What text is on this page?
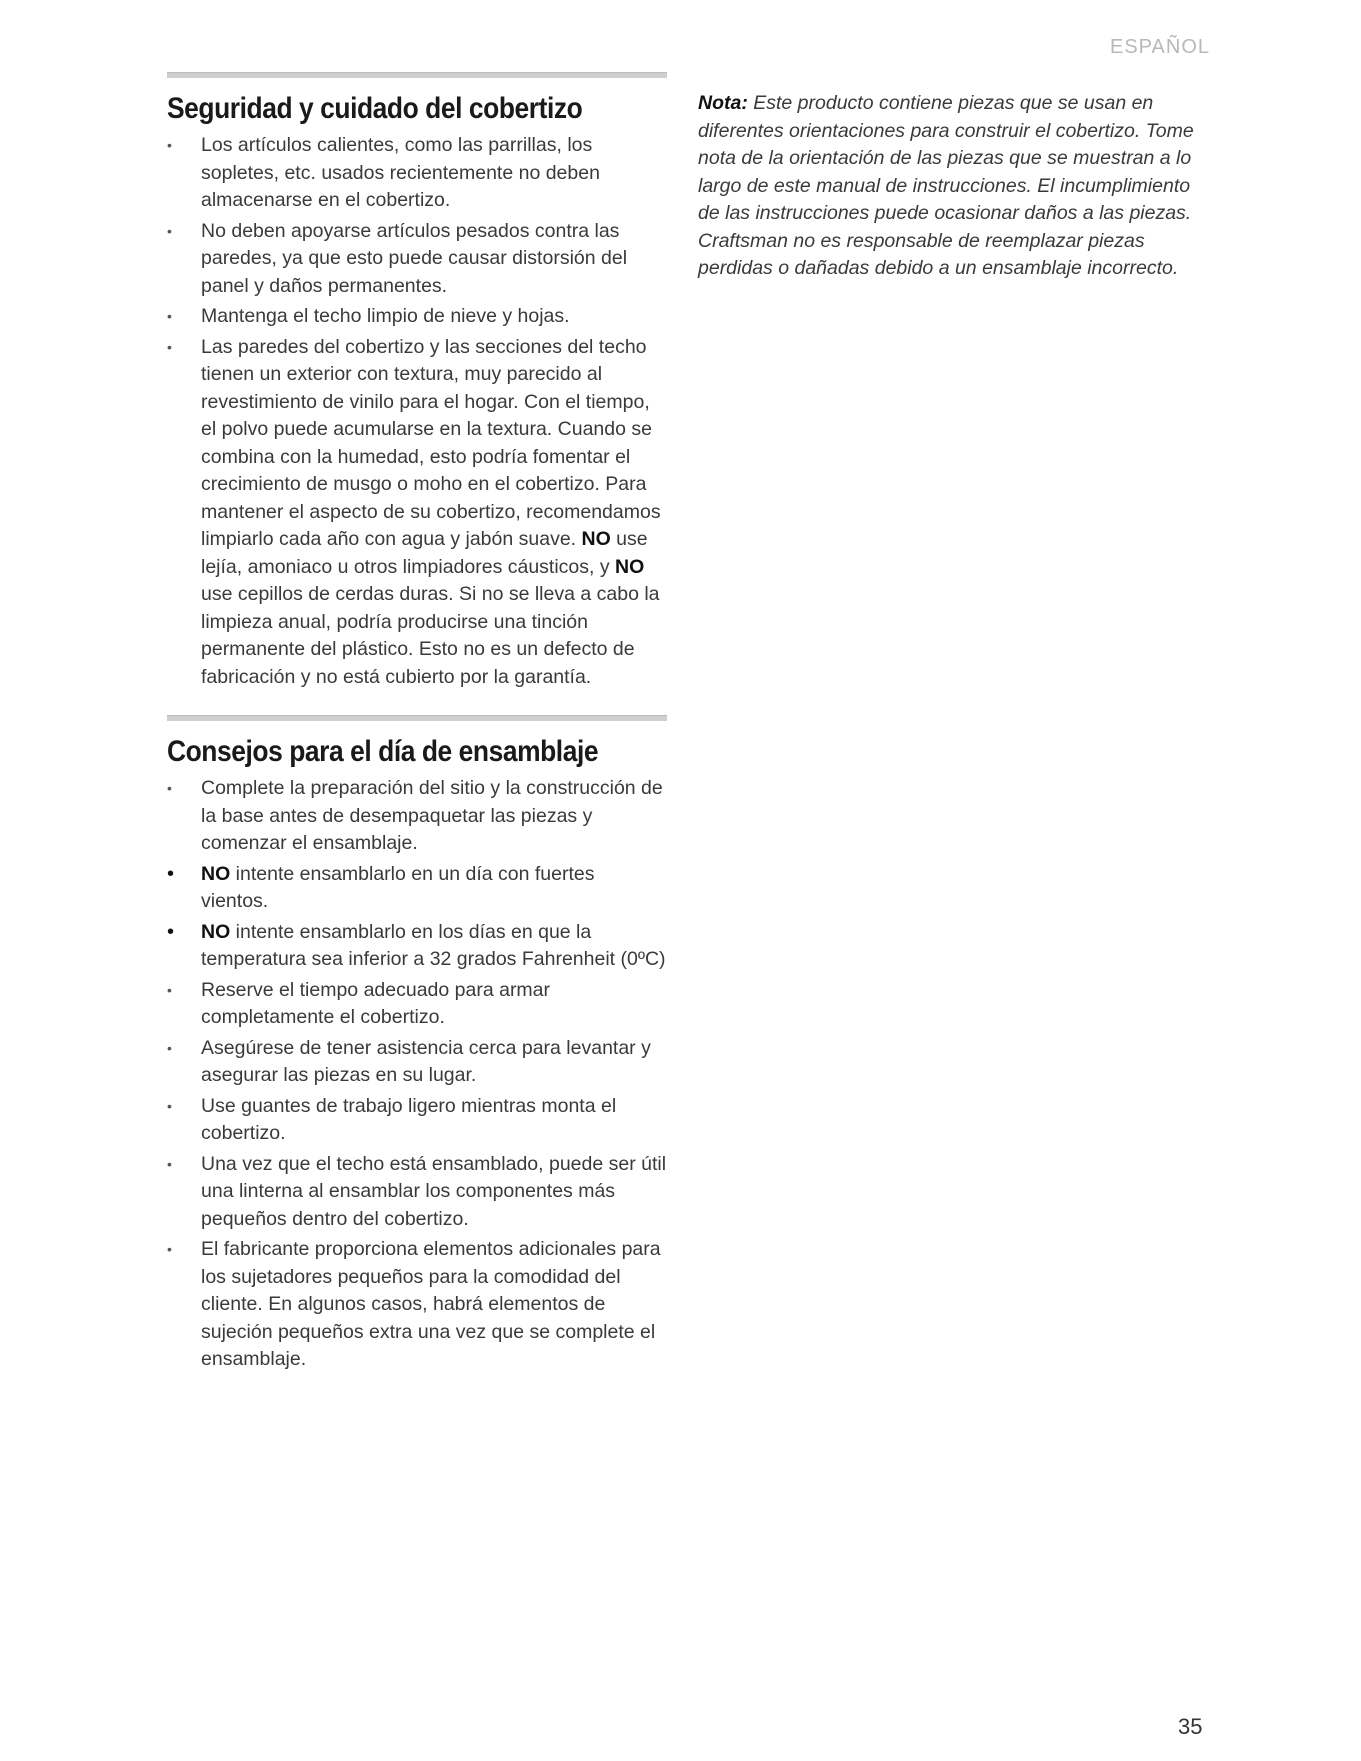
ESPAÑOL
Seguridad y cuidado del cobertizo
• Los artículos calientes, como las parrillas, los sopletes, etc. usados recientemente no deben almacenarse en el cobertizo.
• No deben apoyarse artículos pesados contra las paredes, ya que esto puede causar distorsión del panel y daños permanentes.
• Mantenga el techo limpio de nieve y hojas.
• Las paredes del cobertizo y las secciones del techo tienen un exterior con textura, muy parecido al revestimiento de vinilo para el hogar. Con el tiempo, el polvo puede acumularse en la textura. Cuando se combina con la humedad, esto podría fomentar el crecimiento de musgo o moho en el cobertizo. Para mantener el aspecto de su cobertizo, recomendamos limpiarlo cada año con agua y jabón suave. NO use lejía, amoniaco u otros limpiadores cáusticos, y NO use cepillos de cerdas duras. Si no se lleva a cabo la limpieza anual, podría producirse una tinción permanente del plástico. Esto no es un defecto de fabricación y no está cubierto por la garantía.
Consejos para el día de ensamblaje
• Complete la preparación del sitio y la construcción de la base antes de desempaquetar las piezas y comenzar el ensamblaje.
• NO intente ensamblarlo en un día con fuertes vientos.
• NO intente ensamblarlo en los días en que la temperatura sea inferior a 32 grados Fahrenheit (0ºC)
• Reserve el tiempo adecuado para armar completamente el cobertizo.
• Asegúrese de tener asistencia cerca para levantar y asegurar las piezas en su lugar.
• Use guantes de trabajo ligero mientras monta el cobertizo.
• Una vez que el techo está ensamblado, puede ser útil una linterna al ensamblar los componentes más pequeños dentro del cobertizo.
• El fabricante proporciona elementos adicionales para los sujetadores pequeños para la comodidad del cliente. En algunos casos, habrá elementos de sujeción pequeños extra una vez que se complete el ensamblaje.

Nota: Este producto contiene piezas que se usan en diferentes orientaciones para construir el cobertizo. Tome nota de la orientación de las piezas que se muestran a lo largo de este manual de instrucciones. El incumplimiento de las instrucciones puede ocasionar daños a las piezas. Craftsman no es responsable de reemplazar piezas perdidas o dañadas debido a un ensamblaje incorrecto.

35
